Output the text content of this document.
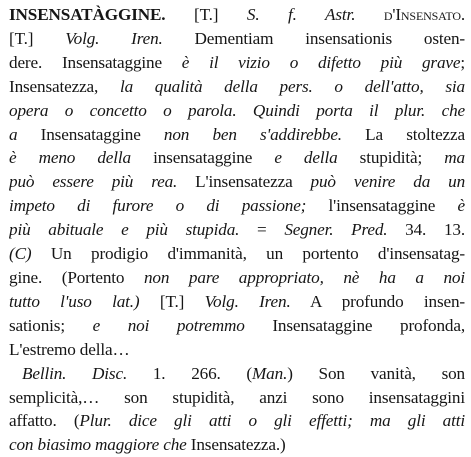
INSENSATÀGGINE. [T.] S. f. Astr. d'Insensato.
[T.] Volg. Iren. Dementiam insensationis osten-
dere. Insensataggine è il vizio o difetto più grave;
Insensatezza, la qualità della pers. o dell'atto, sia
opera o concetto o parola. Quindi porta il plur. che
a Insensataggine non ben s'addirebbe. La stoltezza
è meno della insensataggine e della stupidità; ma
può essere più rea. L'insensatezza può venire da un
impeto di furore o di passione; l'insensataggine è
più abituale e più stupida. = Segner. Pred. 34. 13.
(C) Un prodigio d'immanità, un portento d'insensatag-
gine. (Portento non pare appropriato, nè ha a noi
tutto l'uso lat.) [T.] Volg. Iren. A profundo insen-
sationis; e noi potremmo Insensataggine profonda,
L'estremo della…
Bellin. Disc. 1. 266. (Man.) Son vanità, son
semplicità,… son stupidità, anzi sono insensataggini
affatto. (Plur. dice gli atti o gli effetti; ma gli atti
con biasimo maggiore che Insensatezza.)
